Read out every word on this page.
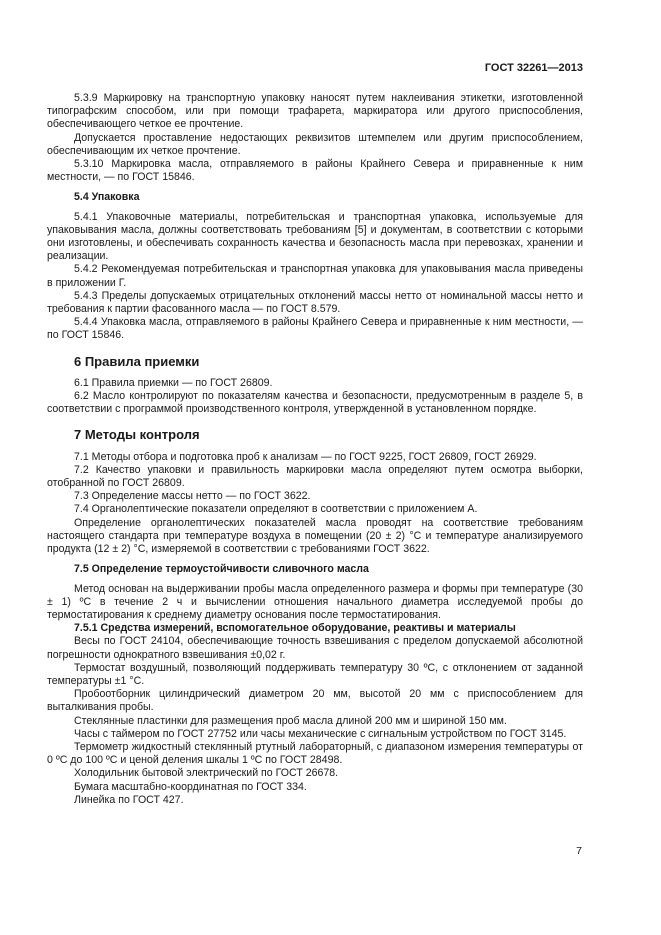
ГОСТ 32261—2013
5.3.9 Маркировку на транспортную упаковку наносят путем наклеивания этикетки, изготовленной типографским способом, или при помощи трафарета, маркиратора или другого приспособления, обеспечивающего четкое ее прочтение.
Допускается проставление недостающих реквизитов штемпелем или другим приспособлением, обеспечивающим их четкое прочтение.
5.3.10 Маркировка масла, отправляемого в районы Крайнего Севера и приравненные к ним местности, — по ГОСТ 15846.
5.4 Упаковка
5.4.1 Упаковочные материалы, потребительская и транспортная упаковка, используемые для упаковывания масла, должны соответствовать требованиям [5] и документам, в соответствии с которыми они изготовлены, и обеспечивать сохранность качества и безопасность масла при перевозках, хранении и реализации.
5.4.2 Рекомендуемая потребительская и транспортная упаковка для упаковывания масла приведены в приложении Г.
5.4.3 Пределы допускаемых отрицательных отклонений массы нетто от номинальной массы нетто и требования к партии фасованного масла — по ГОСТ 8.579.
5.4.4 Упаковка масла, отправляемого в районы Крайнего Севера и приравненные к ним местности, — по ГОСТ 15846.
6 Правила приемки
6.1 Правила приемки — по ГОСТ 26809.
6.2 Масло контролируют по показателям качества и безопасности, предусмотренным в разделе 5, в соответствии с программой производственного контроля, утвержденной в установленном порядке.
7 Методы контроля
7.1 Методы отбора и подготовка проб к анализам — по ГОСТ 9225, ГОСТ 26809, ГОСТ 26929.
7.2 Качество упаковки и правильность маркировки масла определяют путем осмотра выборки, отобранной по ГОСТ 26809.
7.3 Определение массы нетто — по ГОСТ 3622.
7.4 Органолептические показатели определяют в соответствии с приложением А.
Определение органолептических показателей масла проводят на соответствие требованиям настоящего стандарта при температуре воздуха в помещении (20 ± 2) °С и температуре анализируемого продукта (12 ± 2) °С, измеряемой в соответствии с требованиями ГОСТ 3622.
7.5 Определение термоустойчивости сливочного масла
Метод основан на выдерживании пробы масла определенного размера и формы при температуре (30 ± 1) ºС в течение 2 ч и вычислении отношения начального диаметра исследуемой пробы до термостатирования к среднему диаметру основания после термостатирования.
7.5.1 Средства измерений, вспомогательное оборудование, реактивы и материалы
Весы по ГОСТ 24104, обеспечивающие точность взвешивания с пределом допускаемой абсолютной погрешности однократного взвешивания ±0,02 г.
Термостат воздушный, позволяющий поддерживать температуру 30 ºС, с отклонением от заданной температуры ±1 °С.
Пробоотборник цилиндрический диаметром 20 мм, высотой 20 мм с приспособлением для выталкивания пробы.
Стеклянные пластинки для размещения проб масла длиной 200 мм и шириной 150 мм.
Часы с таймером по ГОСТ 27752 или часы механические с сигнальным устройством по ГОСТ 3145.
Термометр жидкостный стеклянный ртутный лабораторный, с диапазоном измерения температуры от 0 ºС до 100 ºС и ценой деления шкалы 1 ºС по ГОСТ 28498.
Холодильник бытовой электрический по ГОСТ 26678.
Бумага масштабно-координатная по ГОСТ 334.
Линейка по ГОСТ 427.
7
